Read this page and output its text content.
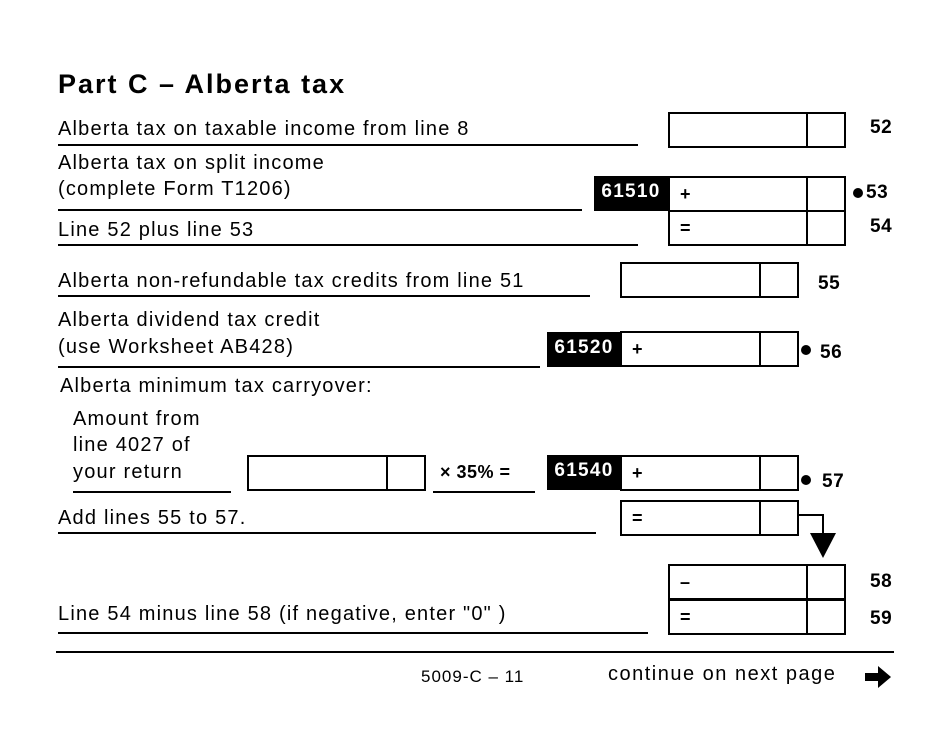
Part C – Alberta tax
Alberta tax on taxable income from line 8	52
Alberta tax on split income
(complete Form T1206)	61510	+	53
Line 52 plus line 53	=	54
Alberta non-refundable tax credits from line 51	55
Alberta dividend tax credit
(use Worksheet AB428)	61520	+	56
Alberta minimum tax carryover:
Amount from
line 4027 of
your return	× 35% =	61540	+	57
Add lines 55 to 57.	=
–	58
Line 54 minus line 58 (if negative, enter "0" )	=	59
5009-C – 11	continue on next page
